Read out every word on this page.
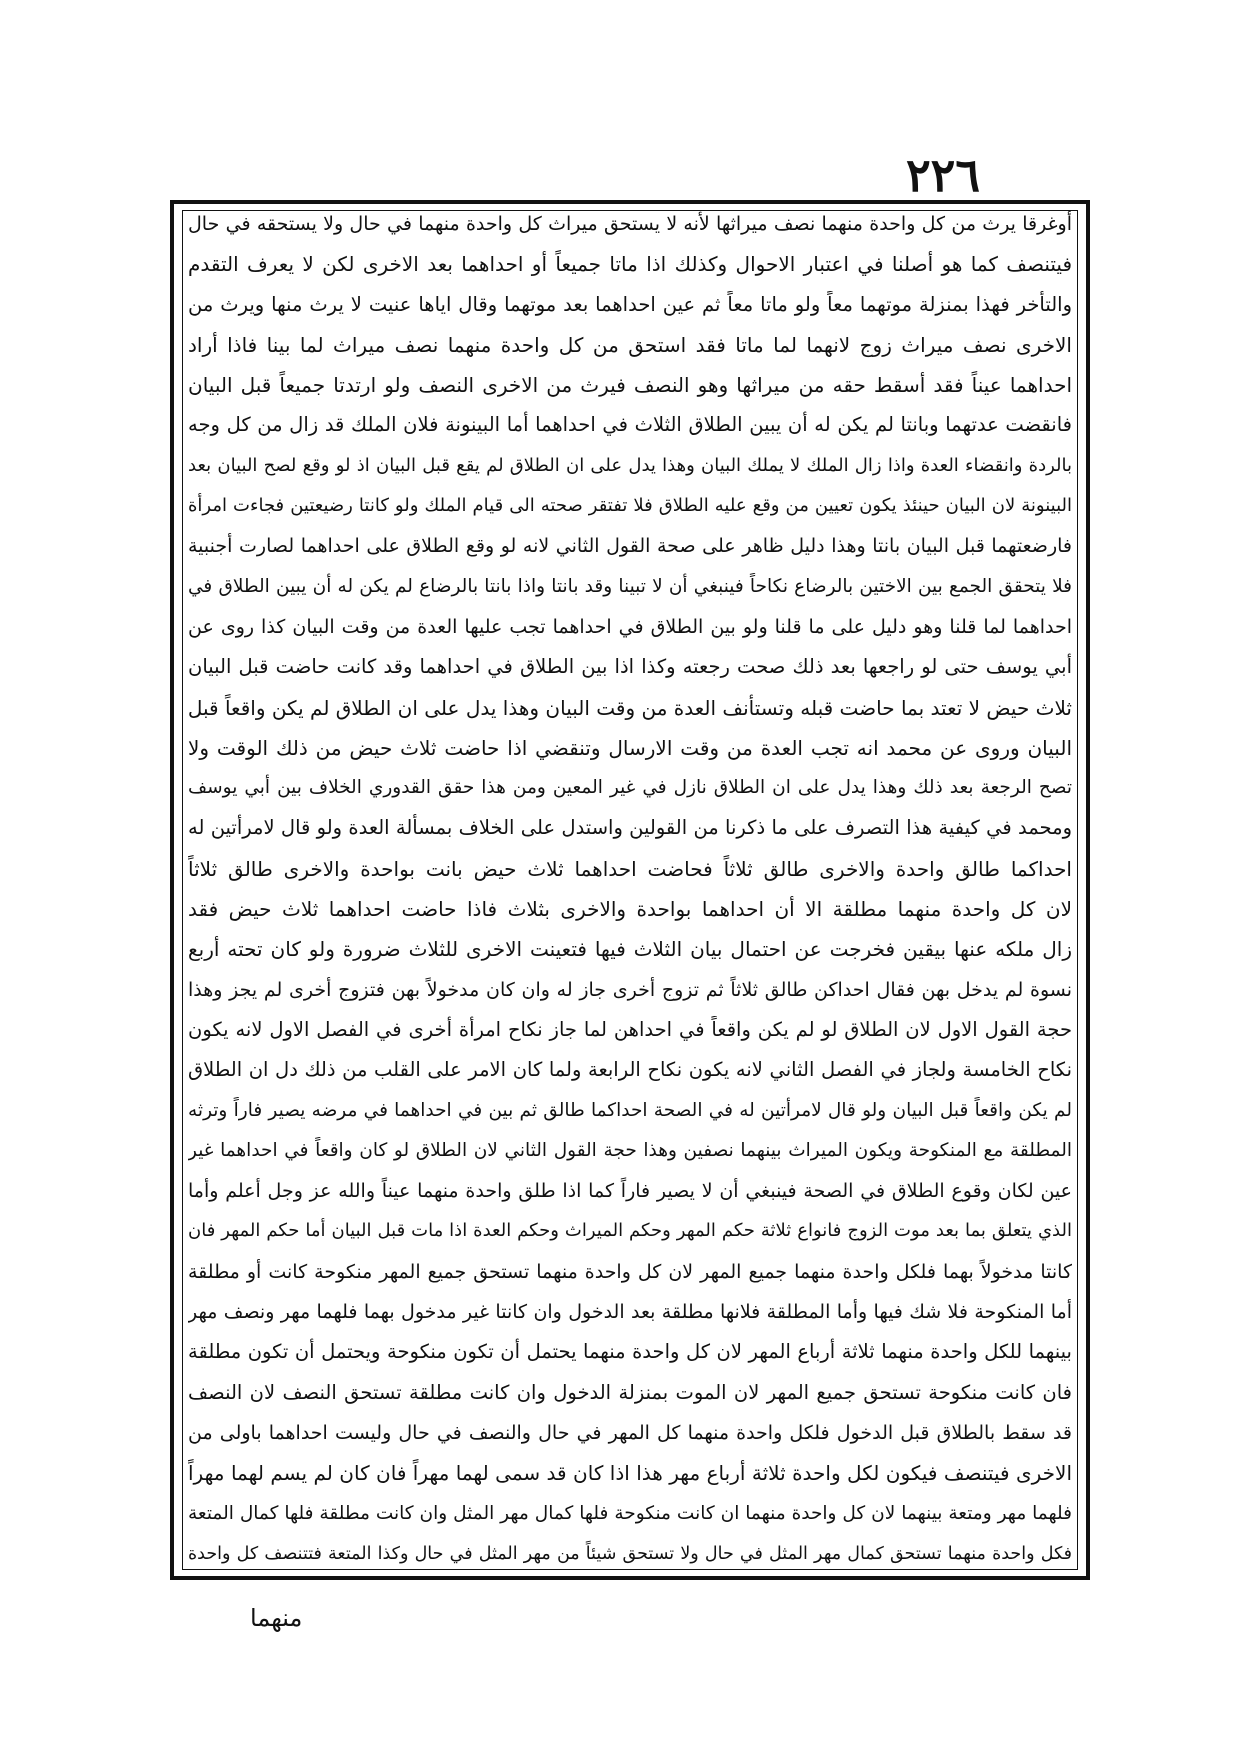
٢٢٦
أوغرقا يرث من كل واحدة منهما نصف ميراثها لأنه لا يستحق ميراث كل واحدة منهما في حال ولا يستحقه في حال
فيتنصف كما هو أصلنا في اعتبار الاحوال وكذلك اذا ماتا جميعاً أو احداهما بعد الاخرى لكن لا يعرف التقدم
والتأخر فهذا بمنزلة موتهما معاً ولو ماتا معاً ثم عين احداهما بعد موتهما وقال اياها عنيت لا يرث منها ويرث من
الاخرى نصف ميراث زوج لانهما لما ماتا فقد استحق من كل واحدة منهما نصف ميراث لما بينا فاذا أراد
احداهما عيناً فقد أسقط حقه من ميراثها وهو النصف فيرث من الاخرى النصف ولو ارتدتا جميعاً قبل البيان
فانقضت عدتهما وبانتا لم يكن له أن يبين الطلاق الثلاث في احداهما أما البينونة فلان الملك قد زال من كل وجه
بالردة وانقضاء العدة واذا زال الملك لا يملك البيان وهذا يدل على ان الطلاق لم يقع قبل البيان اذ لو وقع لصح البيان بعد
البينونة لان البيان حينئذ يكون تعيين من وقع عليه الطلاق فلا تفتقر صحته الى قيام الملك ولو كانتا رضيعتين فجاءت امرأة
فارضعتهما قبل البيان بانتا وهذا دليل ظاهر على صحة القول الثاني لانه لو وقع الطلاق على احداهما لصارت أجنبية
فلا يتحقق الجمع بين الاختين بالرضاع نكاحاً فينبغي أن لا تبينا وقد بانتا واذا بانتا بالرضاع لم يكن له أن يبين الطلاق في
احداهما لما قلنا وهو دليل على ما قلنا ولو بين الطلاق في احداهما تجب عليها العدة من وقت البيان كذا روى عن
أبي يوسف حتى لو راجعها بعد ذلك صحت رجعته وكذا اذا بين الطلاق في احداهما وقد كانت حاضت قبل البيان
ثلاث حيض لا تعتد بما حاضت قبله وتستأنف العدة من وقت البيان وهذا يدل على ان الطلاق لم يكن واقعاً قبل
البيان وروى عن محمد انه تجب العدة من وقت الارسال وتنقضي اذا حاضت ثلاث حيض من ذلك الوقت ولا
تصح الرجعة بعد ذلك وهذا يدل على ان الطلاق نازل في غير المعين ومن هذا حقق القدوري الخلاف بين أبي يوسف
ومحمد في كيفية هذا التصرف على ما ذكرنا من القولين واستدل على الخلاف بمسألة العدة ولو قال لامرأتين له
احداكما طالق واحدة والاخرى طالق ثلاثاً فحاضت احداهما ثلاث حيض بانت بواحدة والاخرى طالق ثلاثاً
لان كل واحدة منهما مطلقة الا أن احداهما بواحدة والاخرى بثلاث فاذا حاضت احداهما ثلاث حيض فقد
زال ملكه عنها بيقين فخرجت عن احتمال بيان الثلاث فيها فتعينت الاخرى للثلاث ضرورة ولو كان تحته أربع
نسوة لم يدخل بهن فقال احداكن طالق ثلاثاً ثم تزوج أخرى جاز له وان كان مدخولاً بهن فتزوج أخرى لم يجز وهذا
حجة القول الاول لان الطلاق لو لم يكن واقعاً في احداهن لما جاز نكاح امرأة أخرى في الفصل الاول لانه يكون
نكاح الخامسة ولجاز في الفصل الثاني لانه يكون نكاح الرابعة ولما كان الامر على القلب من ذلك دل ان الطلاق
لم يكن واقعاً قبل البيان ولو قال لامرأتين له في الصحة احداكما طالق ثم بين في احداهما في مرضه يصير فاراً وترثه
المطلقة مع المنكوحة ويكون الميراث بينهما نصفين وهذا حجة القول الثاني لان الطلاق لو كان واقعاً في احداهما غير
عين لكان وقوع الطلاق في الصحة فينبغي أن لا يصير فاراً كما اذا طلق واحدة منهما عيناً والله عز وجل أعلم وأما
الذي يتعلق بما بعد موت الزوج فانواع ثلاثة حكم المهر وحكم الميراث وحكم العدة اذا مات قبل البيان أما حكم المهر فان
كانتا مدخولاً بهما فلكل واحدة منهما جميع المهر لان كل واحدة منهما تستحق جميع المهر منكوحة كانت أو مطلقة
أما المنكوحة فلا شك فيها وأما المطلقة فلانها مطلقة بعد الدخول وان كانتا غير مدخول بهما فلهما مهر ونصف مهر
بينهما للكل واحدة منهما ثلاثة أرباع المهر لان كل واحدة منهما يحتمل أن تكون منكوحة ويحتمل أن تكون مطلقة
فان كانت منكوحة تستحق جميع المهر لان الموت بمنزلة الدخول وان كانت مطلقة تستحق النصف لان النصف
قد سقط بالطلاق قبل الدخول فلكل واحدة منهما كل المهر في حال والنصف في حال وليست احداهما باولى من
الاخرى فيتنصف فيكون لكل واحدة ثلاثة أرباع مهر هذا اذا كان قد سمى لهما مهراً فان كان لم يسم لهما مهراً
فلهما مهر ومتعة بينهما لان كل واحدة منهما ان كانت منكوحة فلها كمال مهر المثل وان كانت مطلقة فلها كمال المتعة
فكل واحدة منهما تستحق كمال مهر المثل في حال ولا تستحق شيئاً من مهر المثل في حال وكذا المتعة فتتنصف كل واحدة
منهما
